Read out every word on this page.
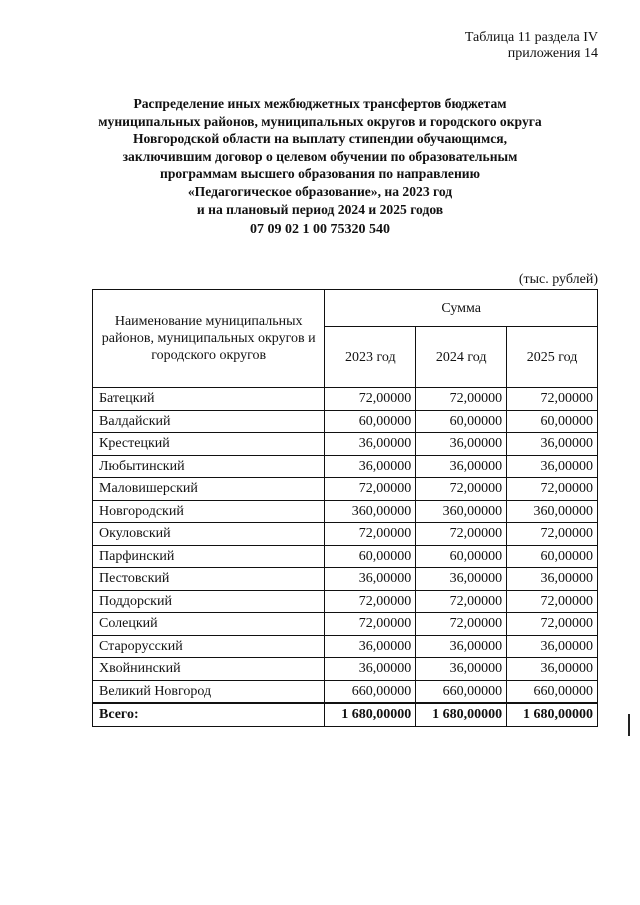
Таблица 11 раздела IV
приложения 14
Распределение иных межбюджетных трансфертов бюджетам
муниципальных районов, муниципальных округов и городского округа
Новгородской области на выплату стипендии обучающимся,
заключившим договор о целевом обучении по образовательным
программам высшего образования по направлению
«Педагогическое образование», на 2023 год
и на плановый период 2024 и 2025 годов
07 09 02 1 00 75320 540
(тыс. рублей)
Наименование муниципальных районов, муниципальных округов и городского округов	Сумма		
	2023 год	2024 год	2025 год
Батецкий	72,00000	72,00000	72,00000
Валдайский	60,00000	60,00000	60,00000
Крестецкий	36,00000	36,00000	36,00000
Любытинский	36,00000	36,00000	36,00000
Маловишерский	72,00000	72,00000	72,00000
Новгородский	360,00000	360,00000	360,00000
Окуловский	72,00000	72,00000	72,00000
Парфинский	60,00000	60,00000	60,00000
Пестовский	36,00000	36,00000	36,00000
Поддорский	72,00000	72,00000	72,00000
Солецкий	72,00000	72,00000	72,00000
Старорусский	36,00000	36,00000	36,00000
Хвойнинский	36,00000	36,00000	36,00000
Великий Новгород	660,00000	660,00000	660,00000
Всего:	1 680,00000	1 680,00000	1 680,00000
